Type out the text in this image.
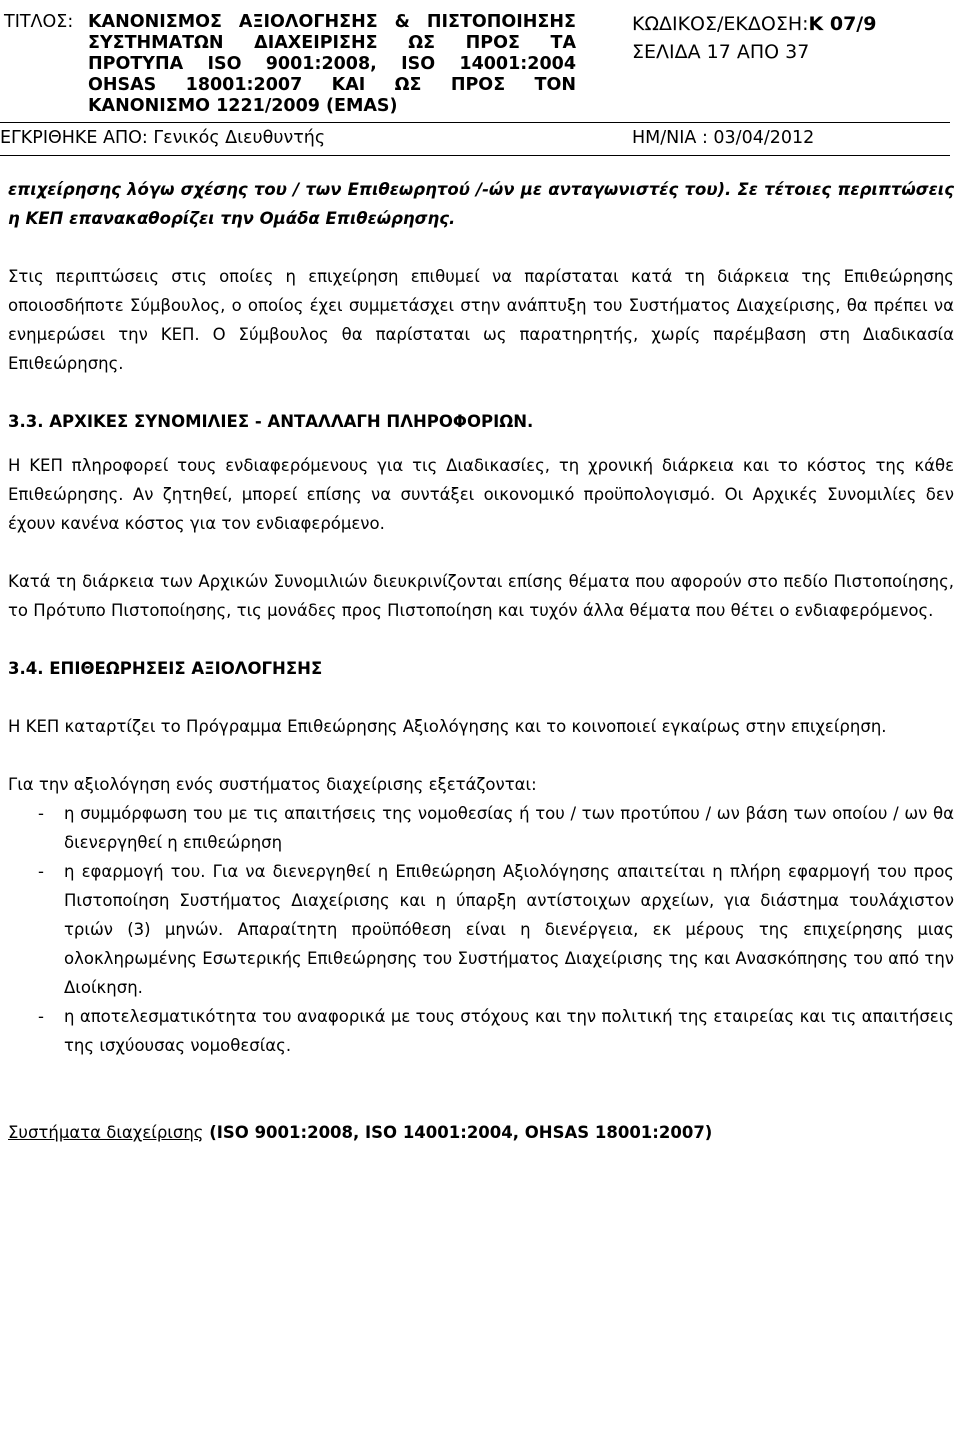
ΤΙΤΛΟΣ: ΚΑΝΟΝΙΣΜΟΣ ΑΞΙΟΛΟΓΗΣΗΣ & ΠΙΣΤΟΠΟΙΗΣΗΣ
ΣΥΣΤΗΜΑΤΩΝ ΔΙΑΧΕΙΡΙΣΗΣ ΩΣ ΠΡΟΣ ΤΑ
ΠΡΟΤΥΠΑ ISO 9001:2008, ISO 14001:2004
OHSAS 18001:2007 ΚΑΙ ΩΣ ΠΡΟΣ ΤΟΝ
ΚΑΝΟΝΙΣΜΟ 1221/2009 (EMAS)
ΚΩΔΙΚΟΣ/ΕΚΔΟΣΗ:Κ 07/9
ΣΕΛΙΔΑ 17 ΑΠΟ 37
ΕΓΚΡΙΘΗΚΕ ΑΠΟ: Γενικός Διευθυντής	ΗΜ/ΝΙΑ : 03/04/2012

επιχείρησης λόγω σχέσης του / των Επιθεωρητού /-ών με ανταγωνιστές του). Σε τέτοιες περιπτώσεις η ΚΕΠ επανακαθορίζει την Ομάδα Επιθεώρησης.

Στις περιπτώσεις στις οποίες η επιχείρηση επιθυμεί να παρίσταται κατά τη διάρκεια της Επιθεώρησης οποιοσδήποτε Σύμβουλος, ο οποίος έχει συμμετάσχει στην ανάπτυξη του Συστήματος Διαχείρισης, θα πρέπει να ενημερώσει την ΚΕΠ. Ο Σύμβουλος θα παρίσταται ως παρατηρητής, χωρίς παρέμβαση στη Διαδικασία Επιθεώρησης.

3.3. ΑΡΧΙΚΕΣ ΣΥΝΟΜΙΛΙΕΣ - ΑΝΤΑΛΛΑΓΗ ΠΛΗΡΟΦΟΡΙΩΝ.

Η ΚΕΠ πληροφορεί τους ενδιαφερόμενους για τις Διαδικασίες, τη χρονική διάρκεια και το κόστος της κάθε Επιθεώρησης. Αν ζητηθεί, μπορεί επίσης να συντάξει οικονομικό προϋπολογισμό. Οι Αρχικές Συνομιλίες δεν έχουν κανένα κόστος για τον ενδιαφερόμενο.

Κατά τη διάρκεια των Αρχικών Συνομιλιών διευκρινίζονται επίσης θέματα που αφορούν στο πεδίο Πιστοποίησης, το Πρότυπο Πιστοποίησης, τις μονάδες προς Πιστοποίηση και τυχόν άλλα θέματα που θέτει ο ενδιαφερόμενος.

3.4. ΕΠΙΘΕΩΡΗΣΕΙΣ ΑΞΙΟΛΟΓΗΣΗΣ

Η ΚΕΠ καταρτίζει το Πρόγραμμα Επιθεώρησης Αξιολόγησης και το κοινοποιεί εγκαίρως στην επιχείρηση.

Για την αξιολόγηση ενός συστήματος διαχείρισης εξετάζονται:

- η συμμόρφωση του με τις απαιτήσεις της νομοθεσίας ή του / των προτύπου / ων βάση των οποίου / ων θα διενεργηθεί η επιθεώρηση
- η εφαρμογή του. Για να διενεργηθεί η Επιθεώρηση Αξιολόγησης απαιτείται η πλήρη εφαρμογή του προς Πιστοποίηση Συστήματος Διαχείρισης και η ύπαρξη αντίστοιχων αρχείων, για διάστημα τουλάχιστον τριών (3) μηνών. Απαραίτητη προϋπόθεση είναι η διενέργεια, εκ μέρους της επιχείρησης μιας ολοκληρωμένης Εσωτερικής Επιθεώρησης του Συστήματος Διαχείρισης της και Ανασκόπησης του από την Διοίκηση.
- η αποτελεσματικότητα του αναφορικά με τους στόχους και την πολιτική της εταιρείας και τις απαιτήσεις της ισχύουσας νομοθεσίας.

Συστήματα διαχείρισης (ISO 9001:2008, ISO 14001:2004, OHSAS 18001:2007)
